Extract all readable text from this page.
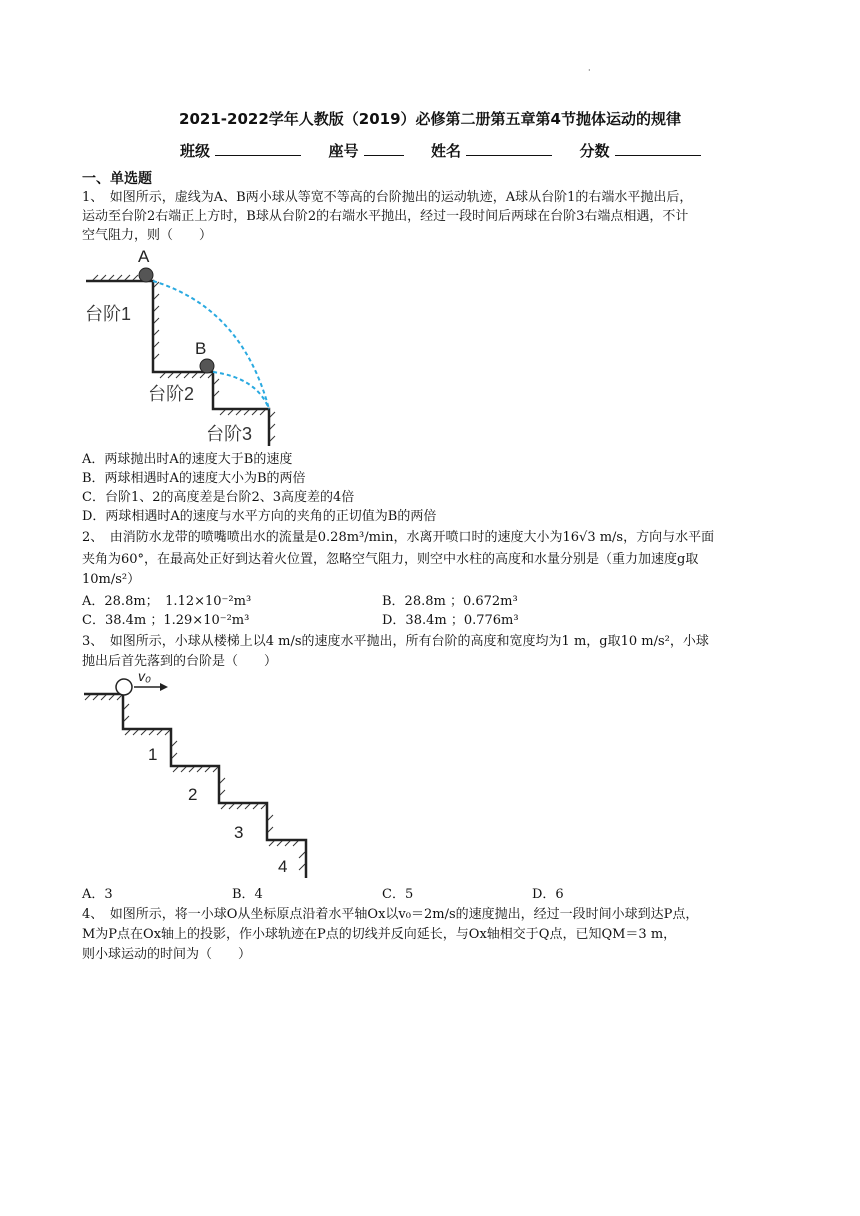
·
2021-2022学年人教版（2019）必修第二册第五章第4节抛体运动的规律
班级	座号	姓名	分数
一、单选题
1、　如图所示，虚线为A、B两小球从等宽不等高的台阶抛出的运动轨迹，A球从台阶1的右端水平抛出后，
运动至台阶2右端正上方时，B球从台阶2的右端水平抛出，经过一段时间后两球在台阶3右端点相遇，不计
空气阻力，则（　　）
A
B
台阶1
台阶2
台阶3
A．两球抛出时A的速度大于B的速度
B．两球相遇时A的速度大小为B的两倍
C．台阶1、2的高度差是台阶2、3高度差的4倍
D．两球相遇时A的速度与水平方向的夹角的正切值为B的两倍
2、　由消防水龙带的喷嘴喷出水的流量是0.28m³/min，水离开喷口时的速度大小为16√3 m/s，方向与水平面
夹角为60°，在最高处正好到达着火位置，忽略空气阻力，则空中水柱的高度和水量分别是（重力加速度g取
10m/s²）
A．28.8m；　1.12×10⁻²m³	B．28.8m ；0.672m³
C．38.4m ；1.29×10⁻²m³	D．38.4m ；0.776m³
3、　如图所示，小球从楼梯上以4 m/s的速度水平抛出，所有台阶的高度和宽度均为1 m，g取10 m/s²，小球
抛出后首先落到的台阶是（　　）
v₀
1
2
3
4
A．3	B．4	C．5	D．6
4、　如图所示，将一小球O从坐标原点沿着水平轴Ox以v₀＝2m/s的速度抛出，经过一段时间小球到达P点，
M为P点在Ox轴上的投影，作小球轨迹在P点的切线并反向延长，与Ox轴相交于Q点，已知QM＝3 m，
则小球运动的时间为（　　）
